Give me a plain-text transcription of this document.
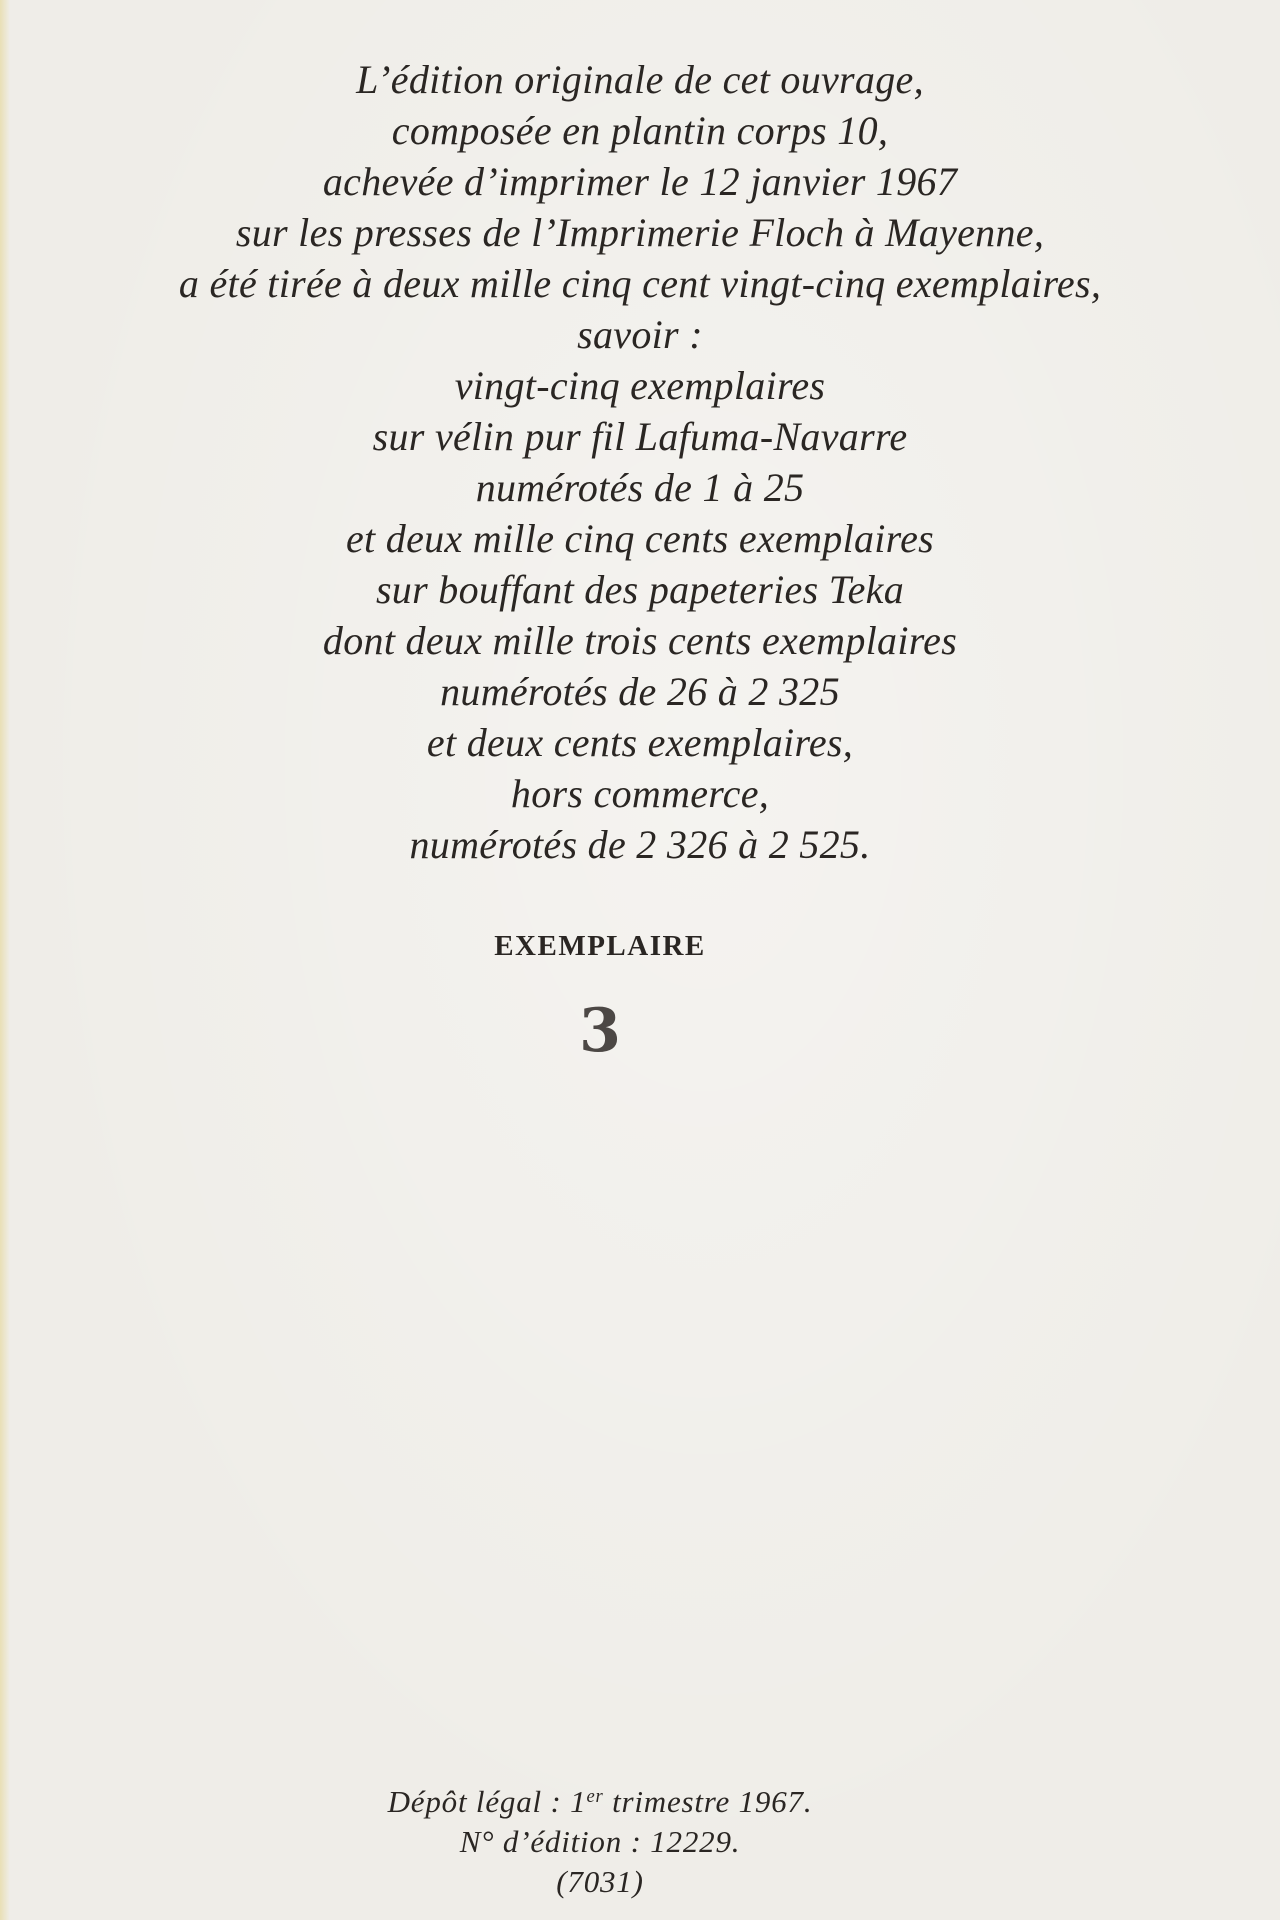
L’édition originale de cet ouvrage,
composée en plantin corps 10,
achevée d’imprimer le 12 janvier 1967
sur les presses de l’Imprimerie Floch à Mayenne,
a été tirée à deux mille cinq cent vingt-cinq exemplaires,
savoir :
vingt-cinq exemplaires
sur vélin pur fil Lafuma-Navarre
numérotés de 1 à 25
et deux mille cinq cents exemplaires
sur bouffant des papeteries Teka
dont deux mille trois cents exemplaires
numérotés de 26 à 2 325
et deux cents exemplaires,
hors commerce,
numérotés de 2 326 à 2 525.
EXEMPLAIRE
3
Dépôt légal : 1er trimestre 1967.
N° d’édition : 12229.
(7031)
